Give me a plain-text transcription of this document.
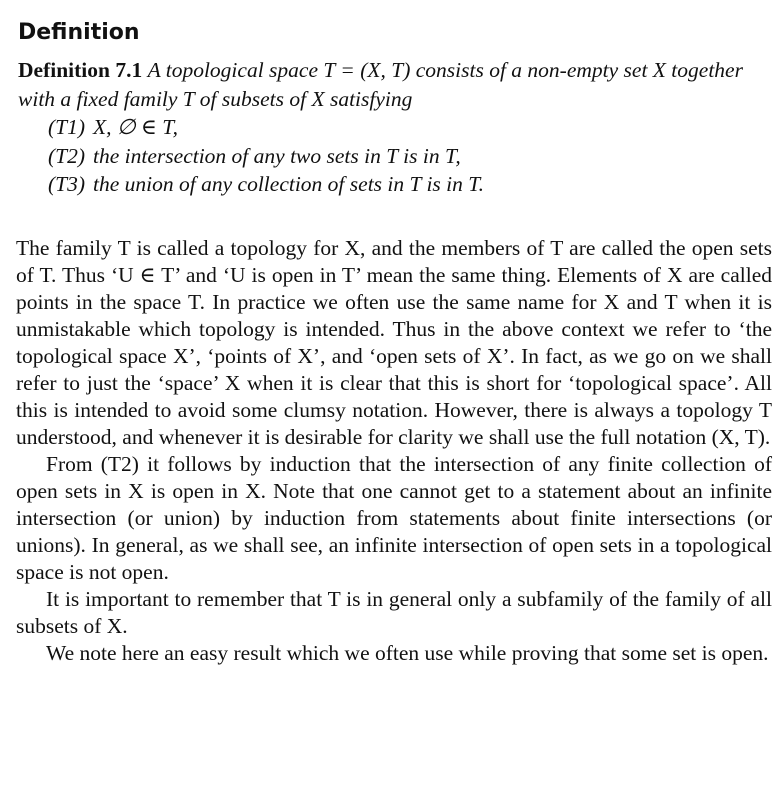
Definition
Definition 7.1 A topological space T = (X, T) consists of a non-empty set X together with a fixed family T of subsets of X satisfying
(T1) X, ∅ ∈ T,
(T2) the intersection of any two sets in T is in T,
(T3) the union of any collection of sets in T is in T.

The family T is called a topology for X, and the members of T are called the open sets of T. Thus ‘U ∈ T’ and ‘U is open in T’ mean the same thing. Elements of X are called points in the space T. In practice we often use the same name for X and T when it is unmistakable which topology is intended. Thus in the above context we refer to ‘the topological space X’, ‘points of X’, and ‘open sets of X’. In fact, as we go on we shall refer to just the ‘space’ X when it is clear that this is short for ‘topological space’. All this is intended to avoid some clumsy notation. However, there is always a topology T understood, and whenever it is desirable for clarity we shall use the full notation (X, T).

From (T2) it follows by induction that the intersection of any finite collection of open sets in X is open in X. Note that one cannot get to a statement about an infinite intersection (or union) by induction from statements about finite intersections (or unions). In general, as we shall see, an infinite intersection of open sets in a topological space is not open.

It is important to remember that T is in general only a subfamily of the family of all subsets of X.

We note here an easy result which we often use while proving that some set is open.
